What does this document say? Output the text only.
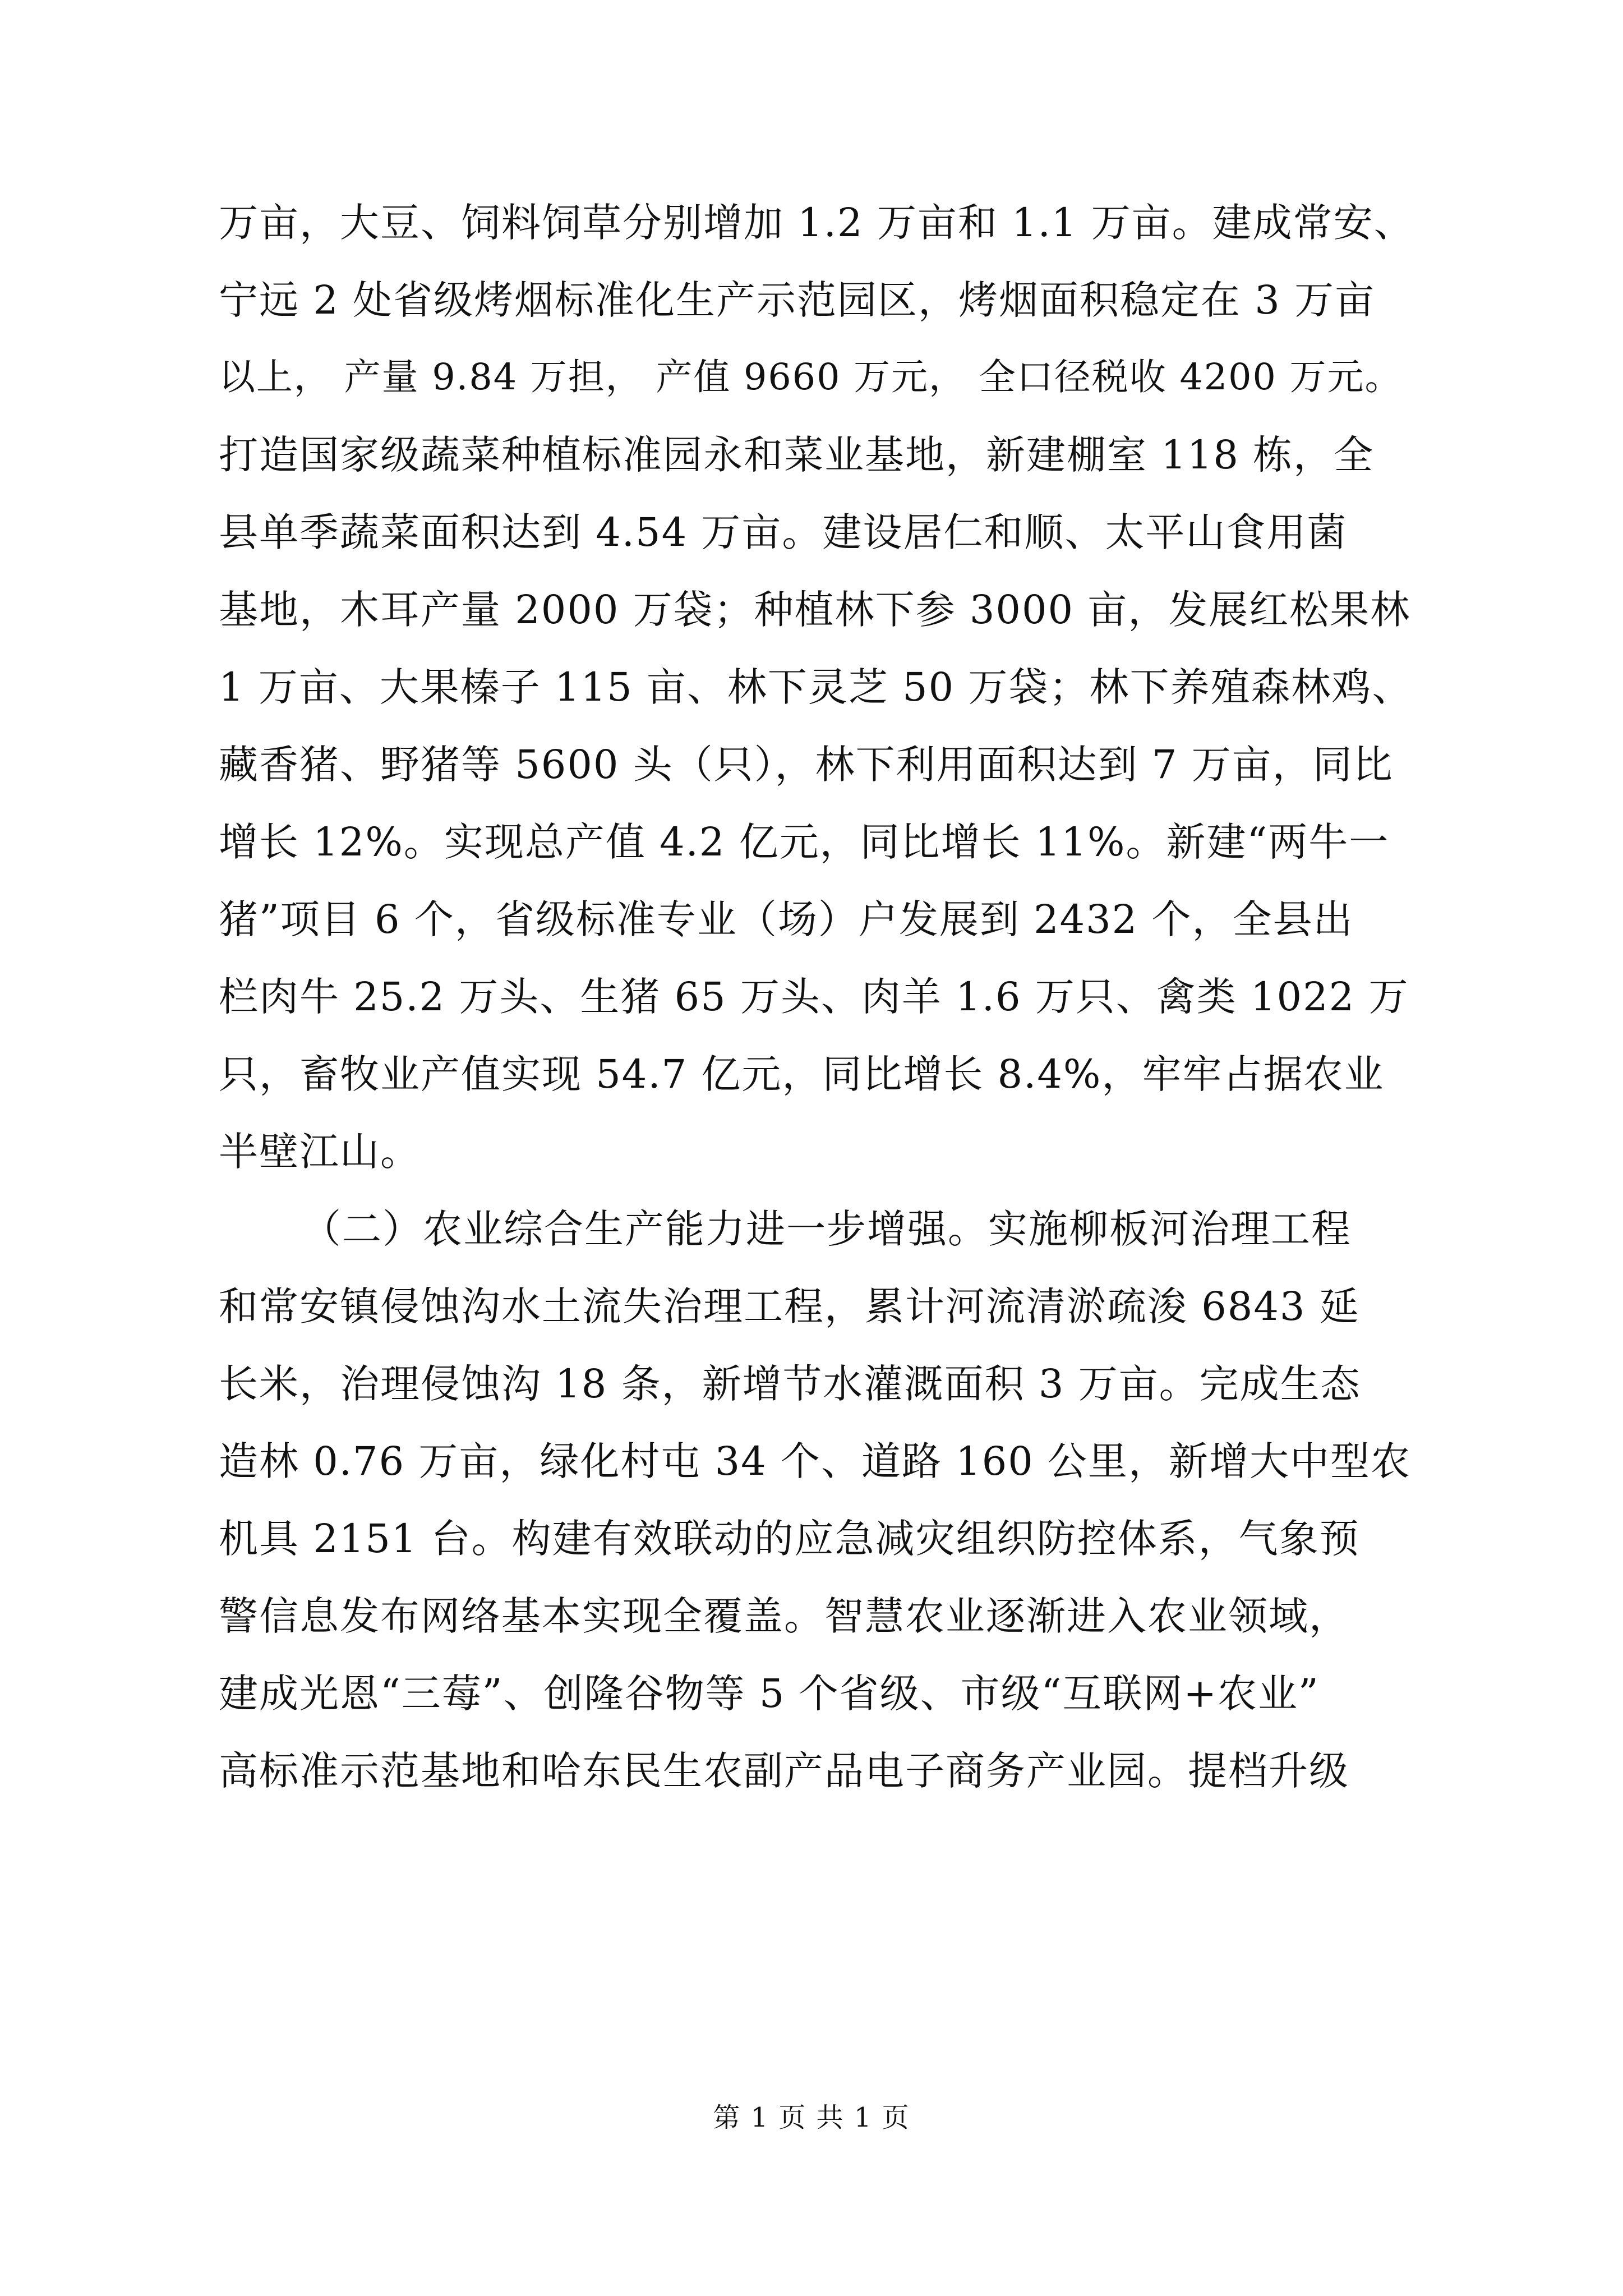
万亩，大豆、饲料饲草分别增加 1.2 万亩和 1.1 万亩。建成常安、
宁远 2 处省级烤烟标准化生产示范园区，烤烟面积稳定在 3 万亩
以上， 产量 9.84 万担， 产值 9660 万元， 全口径税收 4200 万元。
打造国家级蔬菜种植标准园永和菜业基地，新建棚室 118 栋，全
县单季蔬菜面积达到 4.54 万亩。建设居仁和顺、太平山食用菌
基地，木耳产量 2000 万袋；种植林下参 3000 亩，发展红松果林
1 万亩、大果榛子 115 亩、林下灵芝 50 万袋；林下养殖森林鸡、
藏香猪、野猪等 5600 头（只），林下利用面积达到 7 万亩，同比
增长 12%。实现总产值 4.2 亿元，同比增长 11%。新建“两牛一
猪”项目 6 个，省级标准专业（场）户发展到 2432 个，全县出
栏肉牛 25.2 万头、生猪 65 万头、肉羊 1.6 万只、禽类 1022 万
只，畜牧业产值实现 54.7 亿元，同比增长 8.4%，牢牢占据农业
半壁江山。
（二）农业综合生产能力进一步增强。实施柳板河治理工程
和常安镇侵蚀沟水土流失治理工程，累计河流清淤疏浚 6843 延
长米，治理侵蚀沟 18 条，新增节水灌溉面积 3 万亩。完成生态
造林 0.76 万亩，绿化村屯 34 个、道路 160 公里，新增大中型农
机具 2151 台。构建有效联动的应急减灾组织防控体系，气象预
警信息发布网络基本实现全覆盖。智慧农业逐渐进入农业领域，
建成光恩“三莓”、创隆谷物等 5 个省级、市级“互联网+农业”
高标准示范基地和哈东民生农副产品电子商务产业园。提档升级
第 1 页 共 1 页
